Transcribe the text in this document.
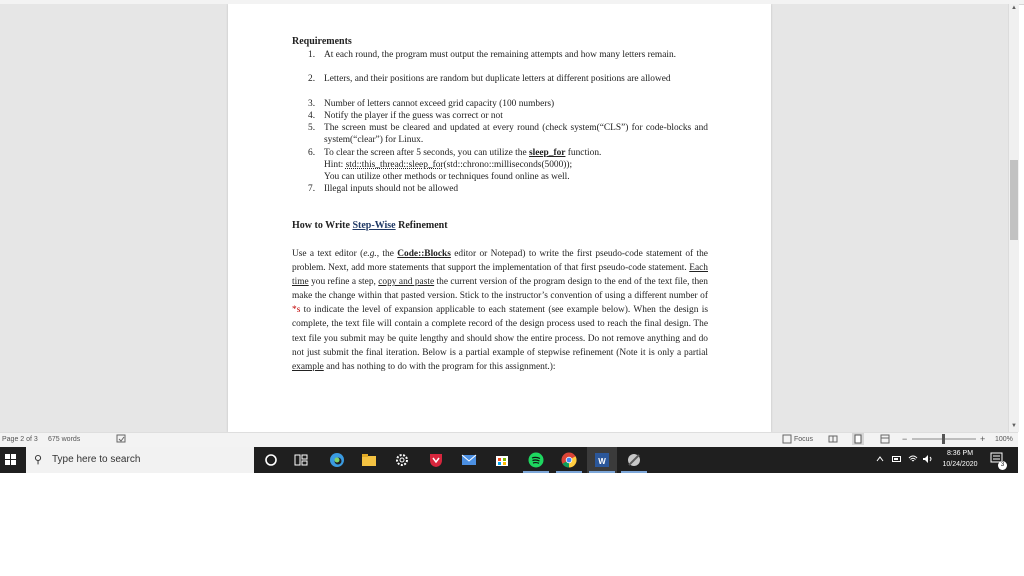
Requirements
1. At each round, the program must output the remaining attempts and how many letters remain.
2. Letters, and their positions are random but duplicate letters at different positions are allowed
3. Number of letters cannot exceed grid capacity (100 numbers)
4. Notify the player if the guess was correct or not
5. The screen must be cleared and updated at every round (check system(“CLS”) for code-blocks and system(“clear”) for Linux.
6. To clear the screen after 5 seconds, you can utilize the sleep_for function.
Hint: std::this_thread::sleep_for(std::chrono::milliseconds(5000));
You can utilize other methods or techniques found online as well.
7. Illegal inputs should not be allowed
How to Write Step-Wise Refinement
Use a text editor (e.g., the Code::Blocks editor or Notepad) to write the first pseudo-code statement of the problem. Next, add more statements that support the implementation of that first pseudo-code statement. Each time you refine a step, copy and paste the current version of the program design to the end of the text file, then make the change within that pasted version. Stick to the instructor’s convention of using a different number of *s to indicate the level of expansion applicable to each statement (see example below). When the design is complete, the text file will contain a complete record of the design process used to reach the final design. The text file you submit may be quite lengthy and should show the entire process. Do not remove anything and do not just submit the final iteration. Below is a partial example of stepwise refinement (Note it is only a partial example and has nothing to do with the program for this assignment.):
▲
▼
Page 2 of 3 675 words	Focus	−	+ 100%
⚲ Type here to search	W
8:36 PM
10/24/2020	3
